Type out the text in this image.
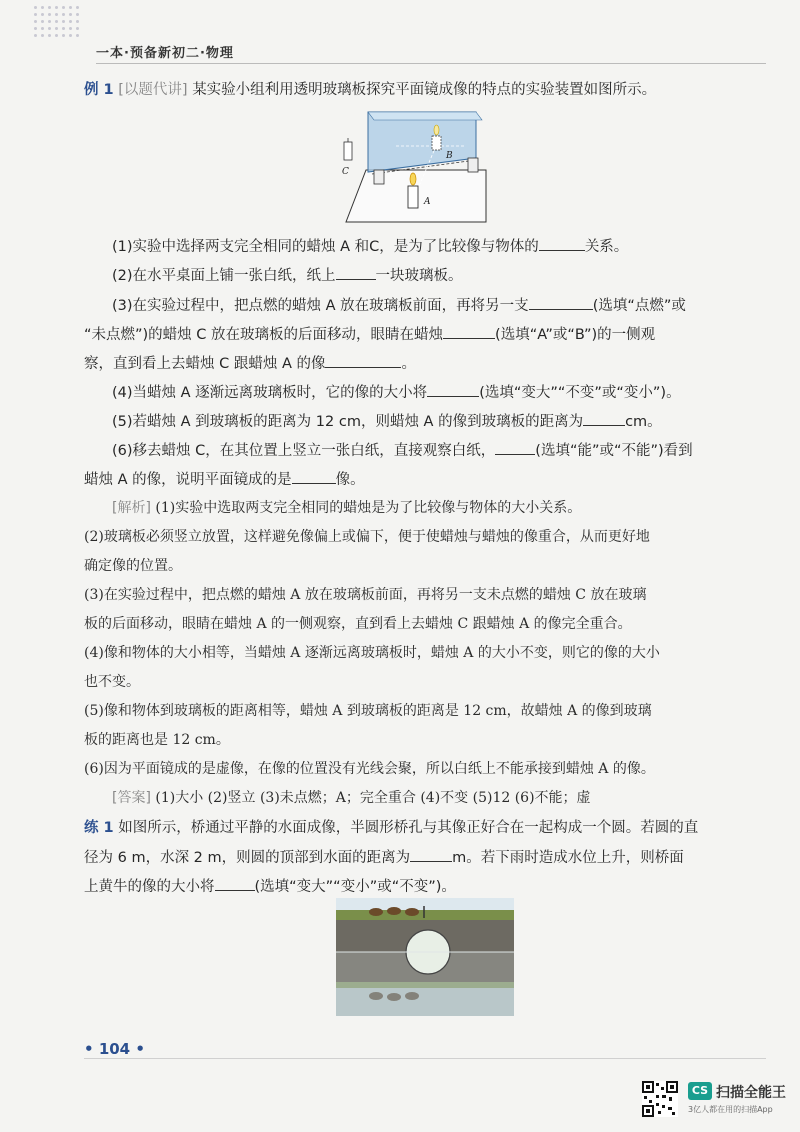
一本·预备新初二·物理
例 1 [以题代讲] 某实验小组利用透明玻璃板探究平面镜成像的特点的实验装置如图所示。
C
B
A
(1)实验中选择两支完全相同的蜡烛 A 和C，是为了比较像与物体的	关系。
(2)在水平桌面上铺一张白纸，纸上	一块玻璃板。
(3)在实验过程中，把点燃的蜡烛 A 放在玻璃板前面，再将另一支	(选填“点燃”或
“未点燃”)的蜡烛 C 放在玻璃板的后面移动，眼睛在蜡烛	(选填“A”或“B”)的一侧观
察，直到看上去蜡烛 C 跟蜡烛 A 的像	。
(4)当蜡烛 A 逐渐远离玻璃板时，它的像的大小将	(选填“变大”“不变”或“变小”)。
(5)若蜡烛 A 到玻璃板的距离为 12 cm，则蜡烛 A 的像到玻璃板的距离为	cm。
(6)移去蜡烛 C，在其位置上竖立一张白纸，直接观察白纸，	(选填“能”或“不能”)看到
蜡烛 A 的像，说明平面镜成的是	像。
[解析] (1)实验中选取两支完全相同的蜡烛是为了比较像与物体的大小关系。
(2)玻璃板必须竖立放置，这样避免像偏上或偏下，便于使蜡烛与蜡烛的像重合，从而更好地
确定像的位置。
(3)在实验过程中，把点燃的蜡烛 A 放在玻璃板前面，再将另一支未点燃的蜡烛 C 放在玻璃
板的后面移动，眼睛在蜡烛 A 的一侧观察，直到看上去蜡烛 C 跟蜡烛 A 的像完全重合。
(4)像和物体的大小相等，当蜡烛 A 逐渐远离玻璃板时，蜡烛 A 的大小不变，则它的像的大小
也不变。
(5)像和物体到玻璃板的距离相等，蜡烛 A 到玻璃板的距离是 12 cm，故蜡烛 A 的像到玻璃
板的距离也是 12 cm。
(6)因为平面镜成的是虚像，在像的位置没有光线会聚，所以白纸上不能承接到蜡烛 A 的像。
[答案] (1)大小 (2)竖立 (3)未点燃；A；完全重合 (4)不变 (5)12 (6)不能；虚
练 1 如图所示，桥通过平静的水面成像，半圆形桥孔与其像正好合在一起构成一个圆。若圆的直
径为 6 m，水深 2 m，则圆的顶部到水面的距离为	m。若下雨时造成水位上升，则桥面
上黄牛的像的大小将	(选填“变大”“变小”或“不变”)。
• 104 •
CS 扫描全能王
3亿人都在用的扫描App
